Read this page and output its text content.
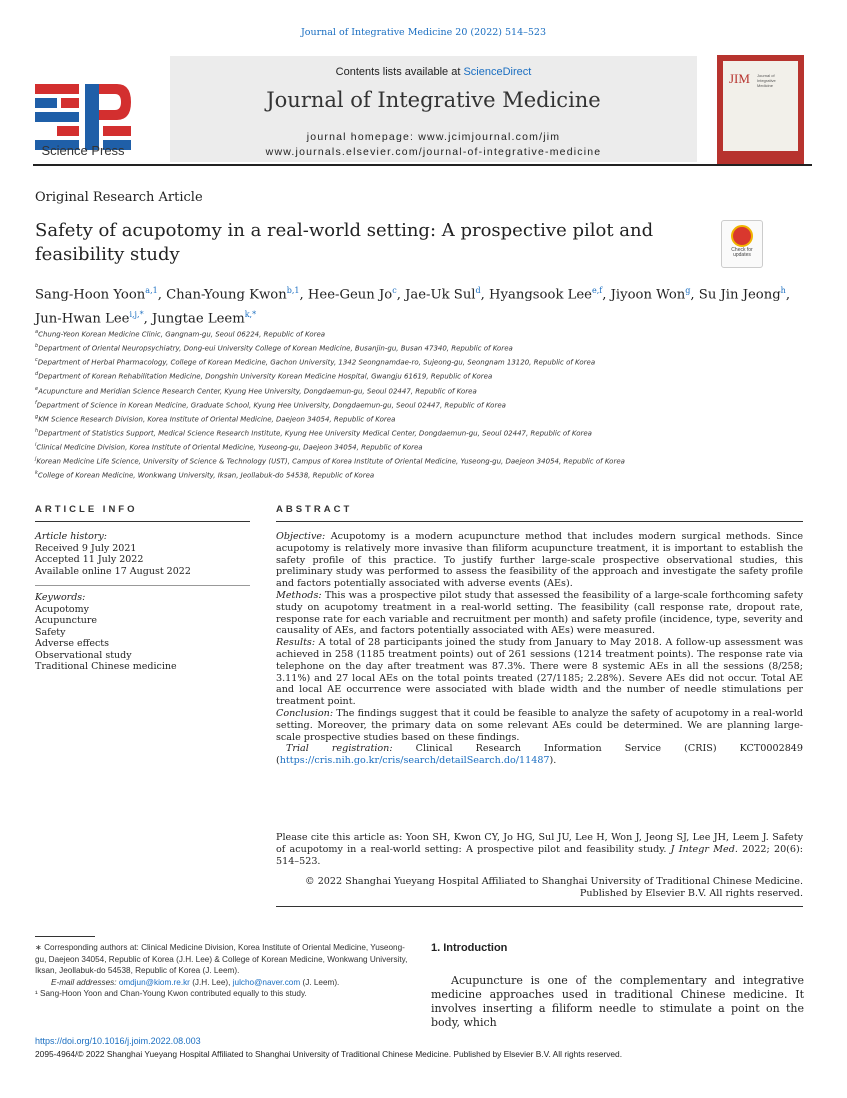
Journal of Integrative Medicine 20 (2022) 514–523
Science Press
Contents lists available at ScienceDirect
Journal of Integrative Medicine
journal homepage: www.jcimjournal.com/jim
www.journals.elsevier.com/journal-of-integrative-medicine
JIM Journal of
Integrative
Medicine
Original Research Article
Safety of acupotomy in a real-world setting: A prospective pilot and feasibility study	Check for updates
Sang-Hoon Yoon$^{a,1}$, Chan-Young Kwon$^{b,1}$, Hee-Geun Jo$^c$, Jae-Uk Sul$^d$, Hyangsook Lee$^{e,f}$, Jiyoon Won$^g$, Su Jin Jeong$^h$, Jun-Hwan Lee$^{i,j,*}$, Jungtae Leem$^{k,*}$
$^a$Chung-Yeon Korean Medicine Clinic, Gangnam-gu, Seoul 06224, Republic of Korea
$^b$Department of Oriental Neuropsychiatry, Dong-eui University College of Korean Medicine, Busanjin-gu, Busan 47340, Republic of Korea
$^c$Department of Herbal Pharmacology, College of Korean Medicine, Gachon University, 1342 Seongnamdae-ro, Sujeong-gu, Seongnam 13120, Republic of Korea
$^d$Department of Korean Rehabilitation Medicine, Dongshin University Korean Medicine Hospital, Gwangju 61619, Republic of Korea
$^e$Acupuncture and Meridian Science Research Center, Kyung Hee University, Dongdaemun-gu, Seoul 02447, Republic of Korea
$^f$Department of Science in Korean Medicine, Graduate School, Kyung Hee University, Dongdaemun-gu, Seoul 02447, Republic of Korea
$^g$KM Science Research Division, Korea Institute of Oriental Medicine, Daejeon 34054, Republic of Korea
$^h$Department of Statistics Support, Medical Science Research Institute, Kyung Hee University Medical Center, Dongdaemun-gu, Seoul 02447, Republic of Korea
$^i$Clinical Medicine Division, Korea Institute of Oriental Medicine, Yuseong-gu, Daejeon 34054, Republic of Korea
$^j$Korean Medicine Life Science, University of Science & Technology (UST), Campus of Korea Institute of Oriental Medicine, Yuseong-gu, Daejeon 34054, Republic of Korea
$^k$College of Korean Medicine, Wonkwang University, Iksan, Jeollabuk-do 54538, Republic of Korea
ARTICLE INFO	ABSTRACT
Article history:
Received 9 July 2021
Accepted 11 July 2022
Available online 17 August 2022
Keywords:
Acupotomy
Acupuncture
Safety
Adverse effects
Observational study
Traditional Chinese medicine

Objective: Acupotomy is a modern acupuncture method that includes modern surgical methods. Since acupotomy is relatively more invasive than filiform acupuncture treatment, it is important to establish the safety profile of this practice. To justify further large-scale prospective observational studies, this preliminary study was performed to assess the feasibility of the approach and investigate the safety profile and factors potentially associated with adverse events (AEs).

Methods: This was a prospective pilot study that assessed the feasibility of a large-scale forthcoming safety study on acupotomy treatment in a real-world setting. The feasibility (call response rate, dropout rate, response rate for each variable and recruitment per month) and safety profile (incidence, type, severity and causality of AEs, and factors potentially associated with AEs) were measured.

Results: A total of 28 participants joined the study from January to May 2018. A follow-up assessment was achieved in 258 (1185 treatment points) out of 261 sessions (1214 treatment points). The response rate via telephone on the day after treatment was 87.3%. There were 8 systemic AEs in all the sessions (8/258; 3.11%) and 27 local AEs on the total points treated (27/1185; 2.28%). Severe AEs did not occur. Total AE and local AE occurrence were associated with blade width and the number of needle stimulations per treatment point.

Conclusion: The findings suggest that it could be feasible to analyze the safety of acupotomy in a real-world setting. Moreover, the primary data on some relevant AEs could be determined. We are planning large-scale prospective studies based on these findings.

Trial registration: Clinical Research Information Service (CRIS) KCT0002849 (https://cris.nih.go.kr/cris/search/detailSearch.do/11487).

Please cite this article as: Yoon SH, Kwon CY, Jo HG, Sul JU, Lee H, Won J, Jeong SJ, Lee JH, Leem J. Safety of acupotomy in a real-world setting: A prospective pilot and feasibility study. J Integr Med. 2022; 20(6): 514–523.
© 2022 Shanghai Yueyang Hospital Affiliated to Shanghai University of Traditional Chinese Medicine.
Published by Elsevier B.V. All rights reserved.

∗ Corresponding authors at: Clinical Medicine Division, Korea Institute of Oriental Medicine, Yuseong-gu, Daejeon 34054, Republic of Korea (J.H. Lee) & College of Korean Medicine, Wonkwang University, Iksan, Jeollabuk-do 54538, Republic of Korea (J. Leem).

E-mail addresses: omdjun@kiom.re.kr (J.H. Lee), julcho@naver.com (J. Leem).

¹ Sang-Hoon Yoon and Chan-Young Kwon contributed equally to this study.

1. Introduction
Acupuncture is one of the complementary and integrative medicine approaches used in traditional Chinese medicine. It involves inserting a filiform needle to stimulate a point on the body, which
https://doi.org/10.1016/j.joim.2022.08.003
2095-4964/© 2022 Shanghai Yueyang Hospital Affiliated to Shanghai University of Traditional Chinese Medicine. Published by Elsevier B.V. All rights reserved.
